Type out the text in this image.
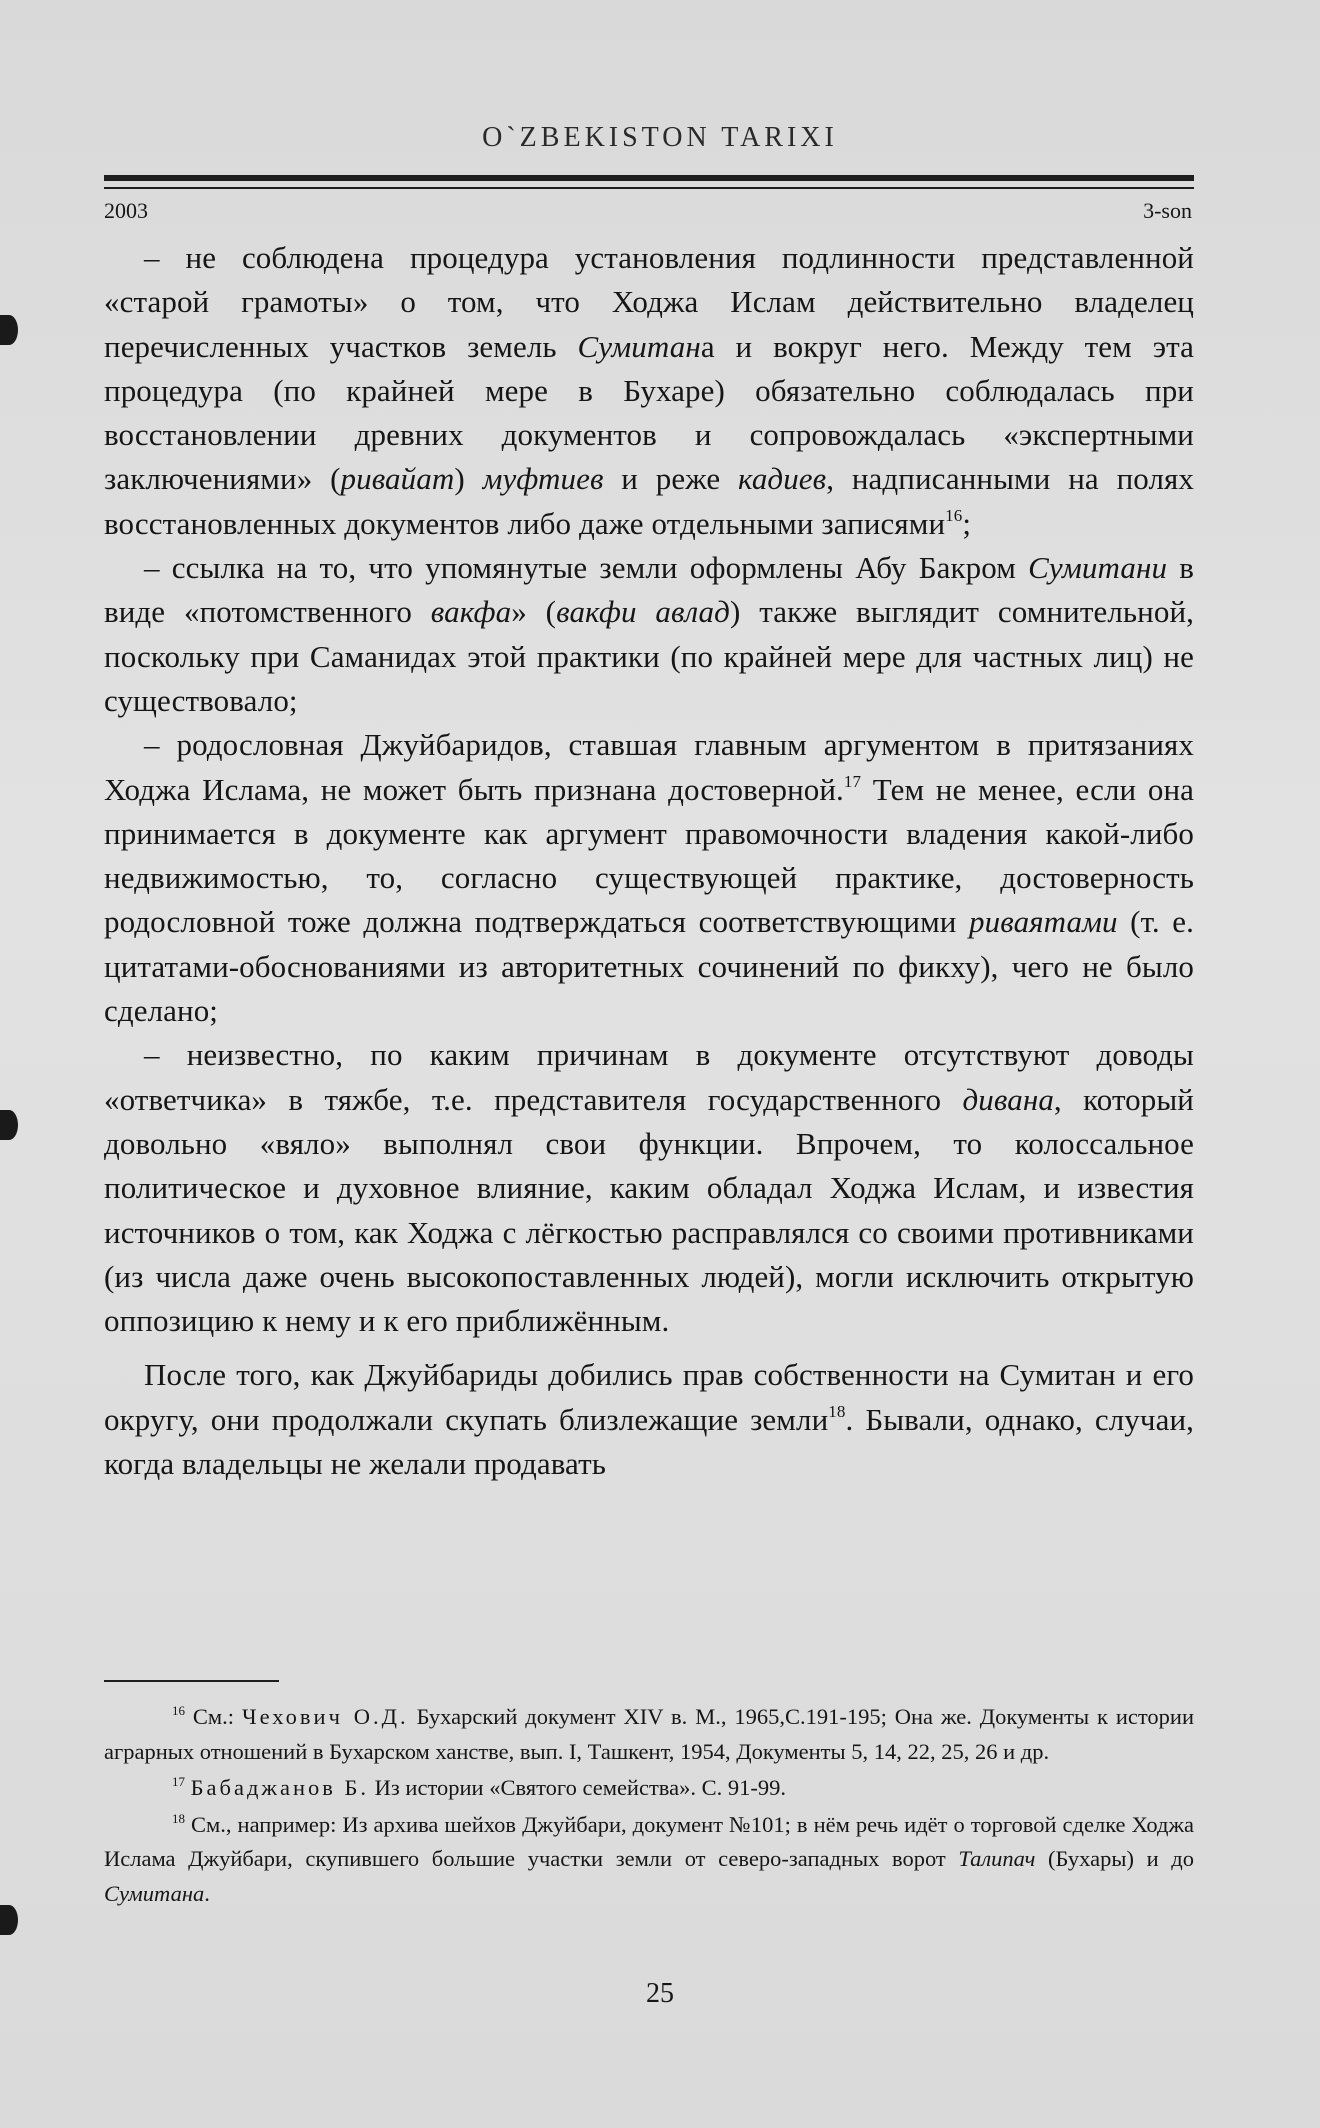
O`ZBEKISTON TARIXI
2003	3-son

– не соблюдена процедура установления подлинности представленной «старой грамоты» о том, что Ходжа Ислам действительно владелец перечисленных участков земель Сумитана и вокруг него. Между тем эта процедура (по крайней мере в Бухаре) обязательно соблюдалась при восстановлении древних документов и сопровождалась «экспертными заключениями» (ривайат) муфтиев и реже кадиев, надписанными на полях восстановленных документов либо даже отдельными записями$^{16}$;

– ссылка на то, что упомянутые земли оформлены Абу Бакром Сумитани в виде «потомственного вакфа» (вакфи авлад) также выглядит сомнительной, поскольку при Саманидах этой практики (по крайней мере для частных лиц) не существовало;

– родословная Джуйбаридов, ставшая главным аргументом в притязаниях Ходжа Ислама, не может быть признана достоверной.$^{17}$ Тем не менее, если она принимается в документе как аргумент правомочности владения какой-либо недвижимостью, то, согласно существующей практике, достоверность родословной тоже должна подтверждаться соответствующими риваятами (т. е. цитатами-обоснованиями из авторитетных сочинений по фикху), чего не было сделано;

– неизвестно, по каким причинам в документе отсутствуют доводы «ответчика» в тяжбе, т.е. представителя государственного дивана, который довольно «вяло» выполнял свои функции. Впрочем, то колоссальное политическое и духовное влияние, каким обладал Ходжа Ислам, и известия источников о том, как Ходжа с лёгкостью расправлялся со своими противниками (из числа даже очень высокопоставленных людей), могли исключить открытую оппозицию к нему и к его приближённым.

После того, как Джуйбариды добились прав собственности на Сумитан и его округу, они продолжали скупать близлежащие земли$^{18}$. Бывали, однако, случаи, когда владельцы не желали продавать

$^{16}$ См.: Чехович О.Д. Бухарский документ XIV в. М., 1965,С.191-195; Она же. Документы к истории аграрных отношений в Бухарском ханстве, вып. I, Ташкент, 1954, Документы 5, 14, 22, 25, 26 и др.

$^{17}$ Бабаджанов Б. Из истории «Святого семейства». С. 91-99.

$^{18}$ См., например: Из архива шейхов Джуйбари, документ №101; в нём речь идёт о торговой сделке Ходжа Ислама Джуйбари, скупившего большие участки земли от северо-западных ворот Талипач (Бухары) и до Сумитана.

25
